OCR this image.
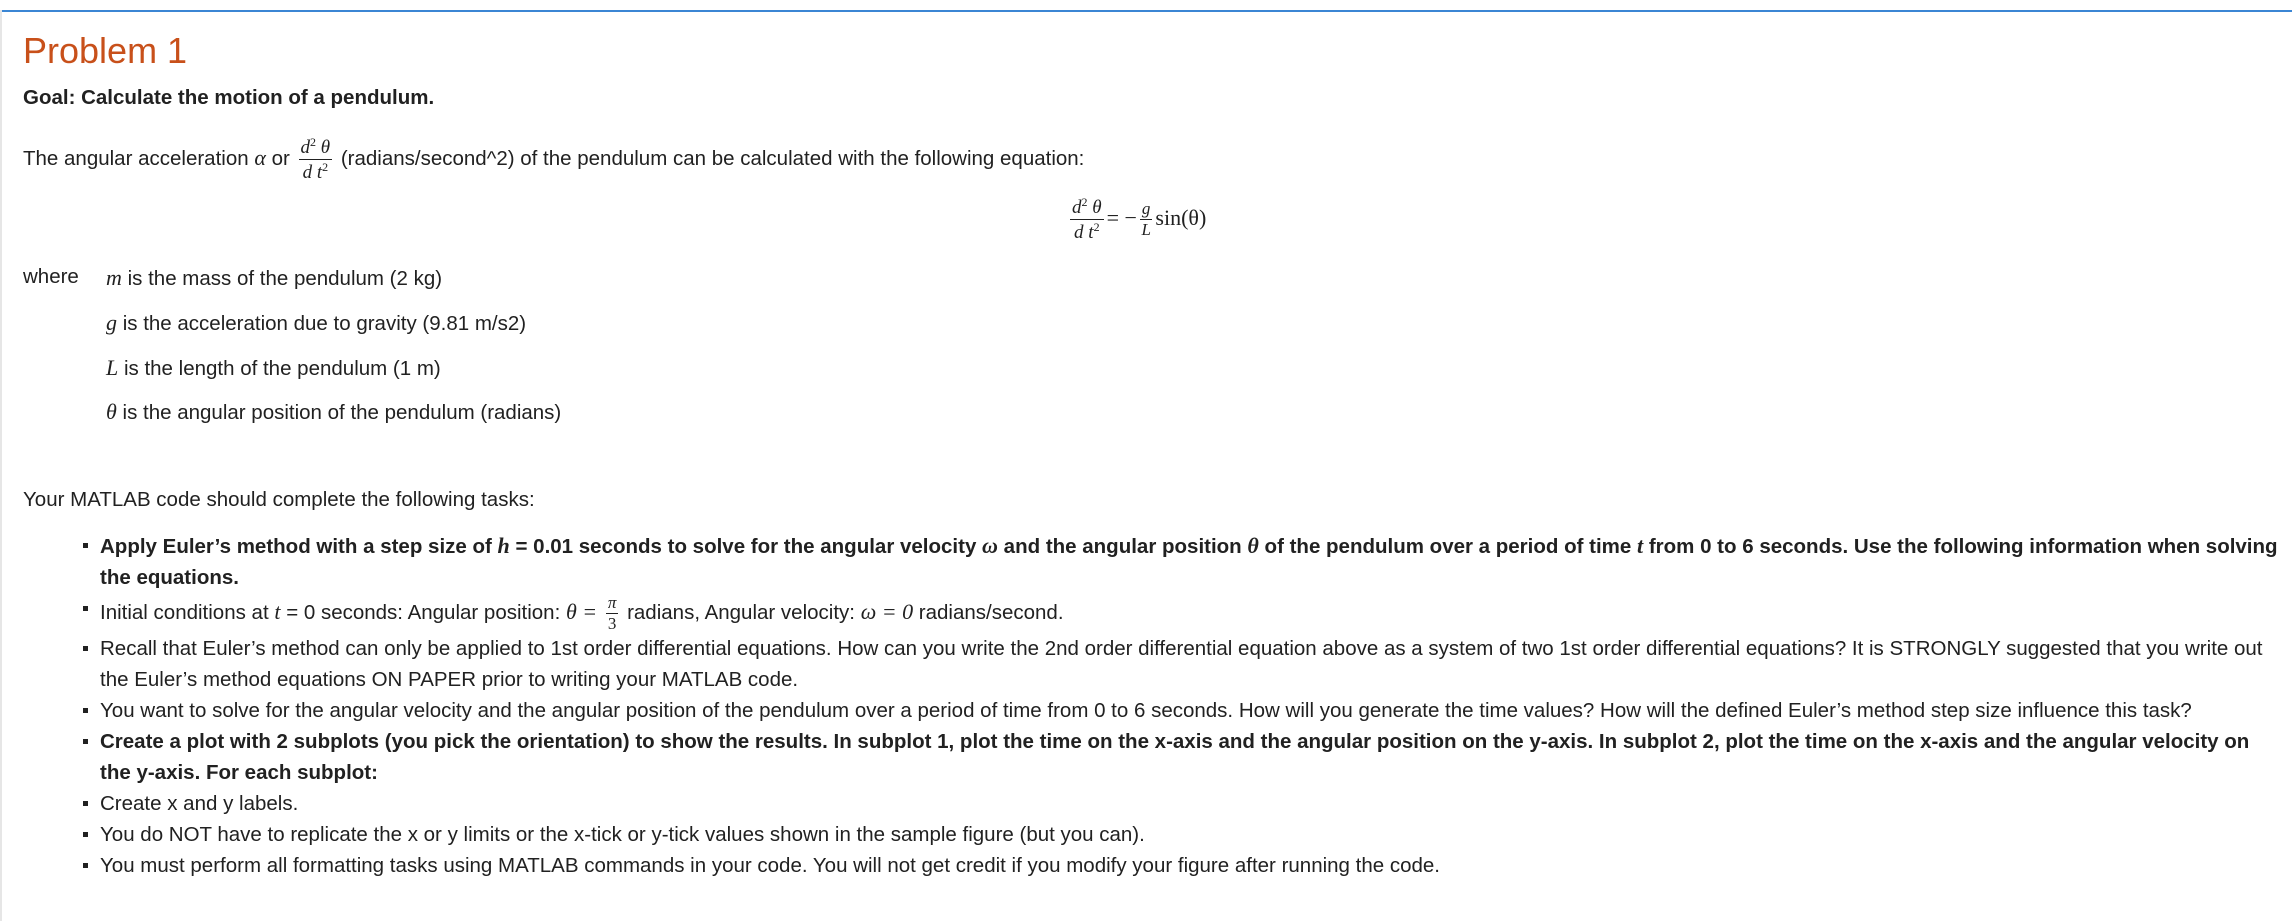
Problem 1
Goal: Calculate the motion of a pendulum.
The angular acceleration α or $\frac{d^2 \theta}{d t^2}$ (radians/second^2) of the pendulum can be calculated with the following equation:
$\frac{d^2 \theta}{d t^2}$ = − $\frac{g}{L} \sin(\theta)$
where m is the mass of the pendulum (2 kg)
g is the acceleration due to gravity (9.81 m/s2)
L is the length of the pendulum (1 m)
θ is the angular position of the pendulum (radians)
Your MATLAB code should complete the following tasks:
Apply Euler’s method with a step size of h = 0.01 seconds to solve for the angular velocity ω and the angular position θ of the pendulum over a period of time t from 0 to 6 seconds. Use the following information when solving the equations.
Initial conditions at t = 0 seconds: Angular position: $\theta = \frac{\pi}{3}$ radians, Angular velocity: ω = 0 radians/second.
Recall that Euler’s method can only be applied to 1st order differential equations. How can you write the 2nd order differential equation above as a system of two 1st order differential equations? It is STRONGLY suggested that you write out the Euler’s method equations ON PAPER prior to writing your MATLAB code.
You want to solve for the angular velocity and the angular position of the pendulum over a period of time from 0 to 6 seconds. How will you generate the time values? How will the defined Euler’s method step size influence this task?
Create a plot with 2 subplots (you pick the orientation) to show the results. In subplot 1, plot the time on the x-axis and the angular position on the y-axis. In subplot 2, plot the time on the x-axis and the angular velocity on the y-axis. For each subplot:
Create x and y labels.
You do NOT have to replicate the x or y limits or the x-tick or y-tick values shown in the sample figure (but you can).
You must perform all formatting tasks using MATLAB commands in your code. You will not get credit if you modify your figure after running the code.
